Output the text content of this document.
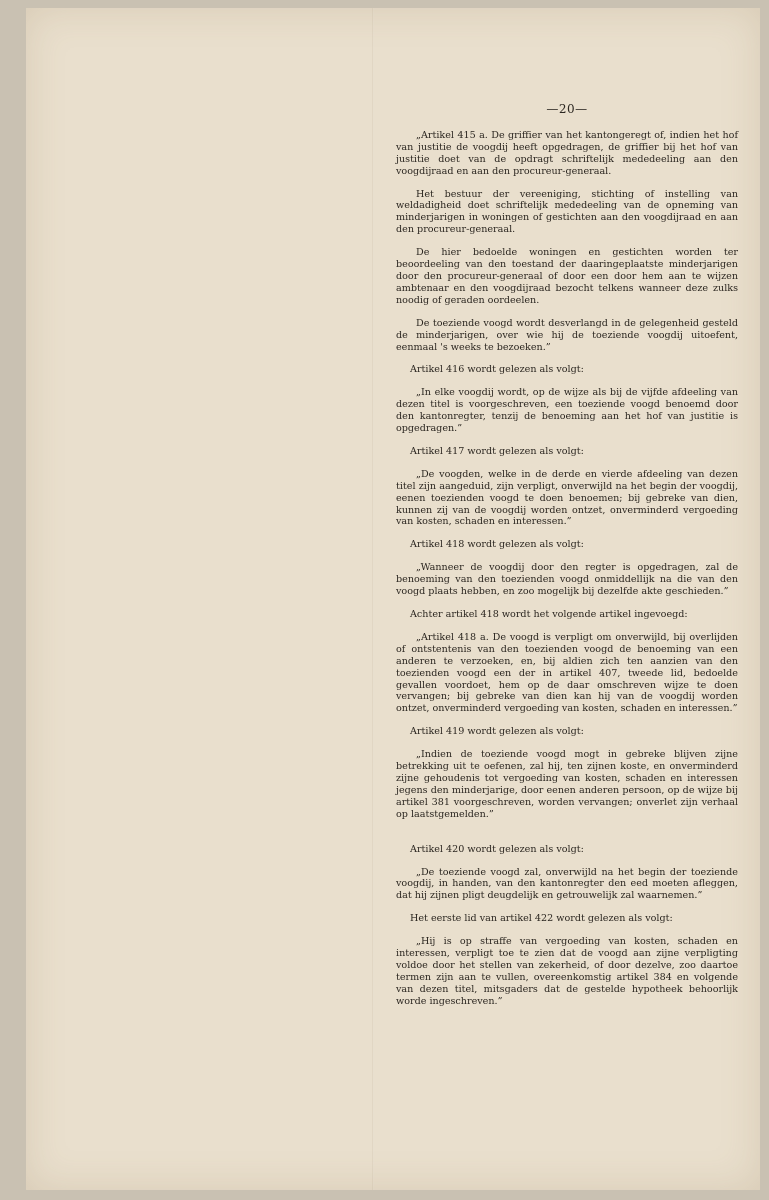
—20—

„Artikel 415 a. De griffier van het kantongeregt of, indien het hof van justitie de voogdij heeft opgedragen, de griffier bij het hof van justitie doet van de opdragt schriftelijk mededeeling aan den voogdijraad en aan den procureur-generaal.

Het bestuur der vereeniging, stichting of instelling van weldadigheid doet schriftelijk mededeeling van de opneming van minderjarigen in woningen of gestichten aan den voogdijraad en aan den procureur-generaal.

De hier bedoelde woningen en gestichten worden ter beoordeeling van den toestand der daaringeplaatste minderjarigen door den procureur-generaal of door een door hem aan te wijzen ambtenaar en den voogdijraad bezocht telkens wanneer deze zulks noodig of geraden oordeelen.

De toeziende voogd wordt desverlangd in de gelegenheid gesteld de minderjarigen, over wie hij de toeziende voogdij uitoefent, eenmaal 's weeks te bezoeken.”

Artikel 416 wordt gelezen als volgt:

„In elke voogdij wordt, op de wijze als bij de vijfde afdeeling van dezen titel is voorgeschreven, een toeziende voogd benoemd door den kantonregter, tenzij de benoeming aan het hof van justitie is opgedragen.”

Artikel 417 wordt gelezen als volgt:

„De voogden, welke in de derde en vierde afdeeling van dezen titel zijn aangeduid, zijn verpligt, onverwijld na het begin der voogdij, eenen toezienden voogd te doen benoemen; bij gebreke van dien, kunnen zij van de voogdij worden ontzet, onverminderd vergoeding van kosten, schaden en interessen.”

Artikel 418 wordt gelezen als volgt:

„Wanneer de voogdij door den regter is opgedragen, zal de benoeming van den toezienden voogd onmiddellijk na die van den voogd plaats hebben, en zoo mogelijk bij dezelfde akte geschieden.”

Achter artikel 418 wordt het volgende artikel ingevoegd:

„Artikel 418 a. De voogd is verpligt om onverwijld, bij overlijden of ontstentenis van den toezienden voogd de benoeming van een anderen te verzoeken, en, bij aldien zich ten aanzien van den toezienden voogd een der in artikel 407, tweede lid, bedoelde gevallen voordoet, hem op de daar omschreven wijze te doen vervangen; bij gebreke van dien kan hij van de voogdij worden ontzet, onverminderd vergoeding van kosten, schaden en interessen.”

Artikel 419 wordt gelezen als volgt:

„Indien de toeziende voogd mogt in gebreke blijven zijne betrekking uit te oefenen, zal hij, ten zijnen koste, en onverminderd zijne gehoudenis tot vergoeding van kosten, schaden en interessen jegens den minderjarige, door eenen anderen persoon, op de wijze bij artikel 381 voorgeschreven, worden vervangen; onverlet zijn verhaal op laatstgemelden.”

Artikel 420 wordt gelezen als volgt:

„De toeziende voogd zal, onverwijld na het begin der toeziende voogdij, in handen, van den kantonregter den eed moeten afleggen, dat hij zijnen pligt deugdelijk en getrouwelijk zal waarnemen.”

Het eerste lid van artikel 422 wordt gelezen als volgt:

„Hij is op straffe van vergoeding van kosten, schaden en interessen, verpligt toe te zien dat de voogd aan zijne verpligting voldoe door het stellen van zekerheid, of door dezelve, zoo daartoe termen zijn aan te vullen, overeenkomstig artikel 384 en volgende van dezen titel, mitsgaders dat de gestelde hypotheek behoorlijk worde ingeschreven.”
